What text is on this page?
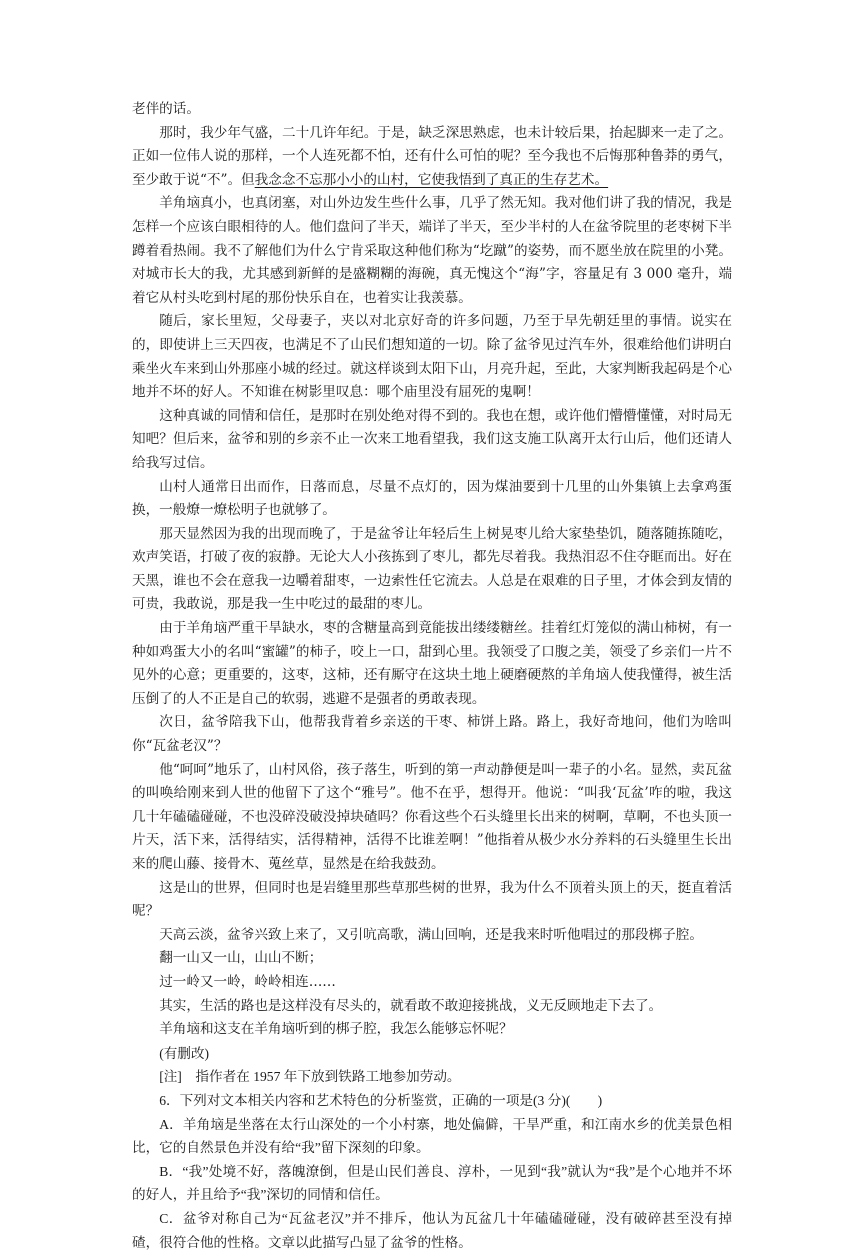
老伴的话。

那时，我少年气盛，二十几许年纪。于是，缺乏深思熟虑，也未计较后果，抬起脚来一走了之。正如一位伟人说的那样，一个人连死都不怕，还有什么可怕的呢？至今我也不后悔那种鲁莽的勇气，至少敢于说“不”。但我念念不忘那小小的山村，它使我悟到了真正的生存艺术。

羊角垴真小，也真闭塞，对山外边发生些什么事，几乎了然无知。我对他们讲了我的情况，我是怎样一个应该白眼相待的人。他们盘问了半天，端详了半天，至少半村的人在盆爷院里的老枣树下半蹲着看热闹。我不了解他们为什么宁肯采取这种他们称为“圪蹴”的姿势，而不愿坐放在院里的小凳。对城市长大的我，尤其感到新鲜的是盛糊糊的海碗，真无愧这个“海”字，容量足有 3 000 毫升，端着它从村头吃到村尾的那份快乐自在，也着实让我羡慕。

随后，家长里短，父母妻子，夹以对北京好奇的许多问题，乃至于早先朝廷里的事情。说实在的，即使讲上三天四夜，也满足不了山民们想知道的一切。除了盆爷见过汽车外，很难给他们讲明白乘坐火车来到山外那座小城的经过。就这样谈到太阳下山，月亮升起，至此，大家判断我起码是个心地并不坏的好人。不知谁在树影里叹息：哪个庙里没有屈死的鬼啊！

这种真诚的同情和信任，是那时在别处绝对得不到的。我也在想，或许他们懵懵懂懂，对时局无知吧？但后来，盆爷和别的乡亲不止一次来工地看望我，我们这支施工队离开太行山后，他们还请人给我写过信。

山村人通常日出而作，日落而息，尽量不点灯的，因为煤油要到十几里的山外集镇上去拿鸡蛋换，一般燎一燎松明子也就够了。

那天显然因为我的出现而晚了，于是盆爷让年轻后生上树晃枣儿给大家垫垫饥，随落随拣随吃，欢声笑语，打破了夜的寂静。无论大人小孩拣到了枣儿，都先尽着我。我热泪忍不住夺眶而出。好在天黑，谁也不会在意我一边嚼着甜枣，一边索性任它流去。人总是在艰难的日子里，才体会到友情的可贵，我敢说，那是我一生中吃过的最甜的枣儿。

由于羊角垴严重干旱缺水，枣的含糖量高到竟能拔出缕缕糖丝。挂着红灯笼似的满山柿树，有一种如鸡蛋大小的名叫“蜜罐”的柿子，咬上一口，甜到心里。我领受了口腹之美，领受了乡亲们一片不见外的心意；更重要的，这枣，这柿，还有厮守在这块土地上硬磨硬熬的羊角垴人使我懂得，被生活压倒了的人不正是自己的软弱，逃避不是强者的勇敢表现。

次日，盆爷陪我下山，他帮我背着乡亲送的干枣、柿饼上路。路上，我好奇地问，他们为啥叫你“瓦盆老汉”？

他“呵呵”地乐了，山村风俗，孩子落生，听到的第一声动静便是叫一辈子的小名。显然，卖瓦盆的叫唤给刚来到人世的他留下了这个“雅号”。他不在乎，想得开。他说：“叫我‘瓦盆’咋的啦，我这几十年磕磕碰碰，不也没碎没破没掉块碴吗？你看这些个石头缝里长出来的树啊，草啊，不也头顶一片天，活下来，活得结实，活得精神，活得不比谁差啊！”他指着从极少水分养料的石头缝里生长出来的爬山藤、接骨木、蒐丝草，显然是在给我鼓劲。

这是山的世界，但同时也是岩缝里那些草那些树的世界，我为什么不顶着头顶上的天，挺直着活呢？

天高云淡，盆爷兴致上来了，又引吭高歌，满山回响，还是我来时听他唱过的那段梆子腔。

翻一山又一山，山山不断；

过一岭又一岭，岭岭相连……

其实，生活的路也是这样没有尽头的，就看敢不敢迎接挑战，义无反顾地走下去了。

羊角垴和这支在羊角垴听到的梆子腔，我怎么能够忘怀呢？

(有删改)

[注]　指作者在 1957 年下放到铁路工地参加劳动。

6．下列对文本相关内容和艺术特色的分析鉴赏，正确的一项是(3 分)(　　)

A．羊角垴是坐落在太行山深处的一个小村寨，地处偏僻，干旱严重，和江南水乡的优美景色相比，它的自然景色并没有给“我”留下深刻的印象。

B．“我”处境不好，落魄潦倒，但是山民们善良、淳朴，一见到“我”就认为“我”是个心地并不坏的好人，并且给予“我”深切的同情和信任。

C．盆爷对称自己为“瓦盆老汉”并不排斥，他认为瓦盆几十年磕磕碰碰，没有破碎甚至没有掉碴，很符合他的性格。文章以此描写凸显了盆爷的性格。
